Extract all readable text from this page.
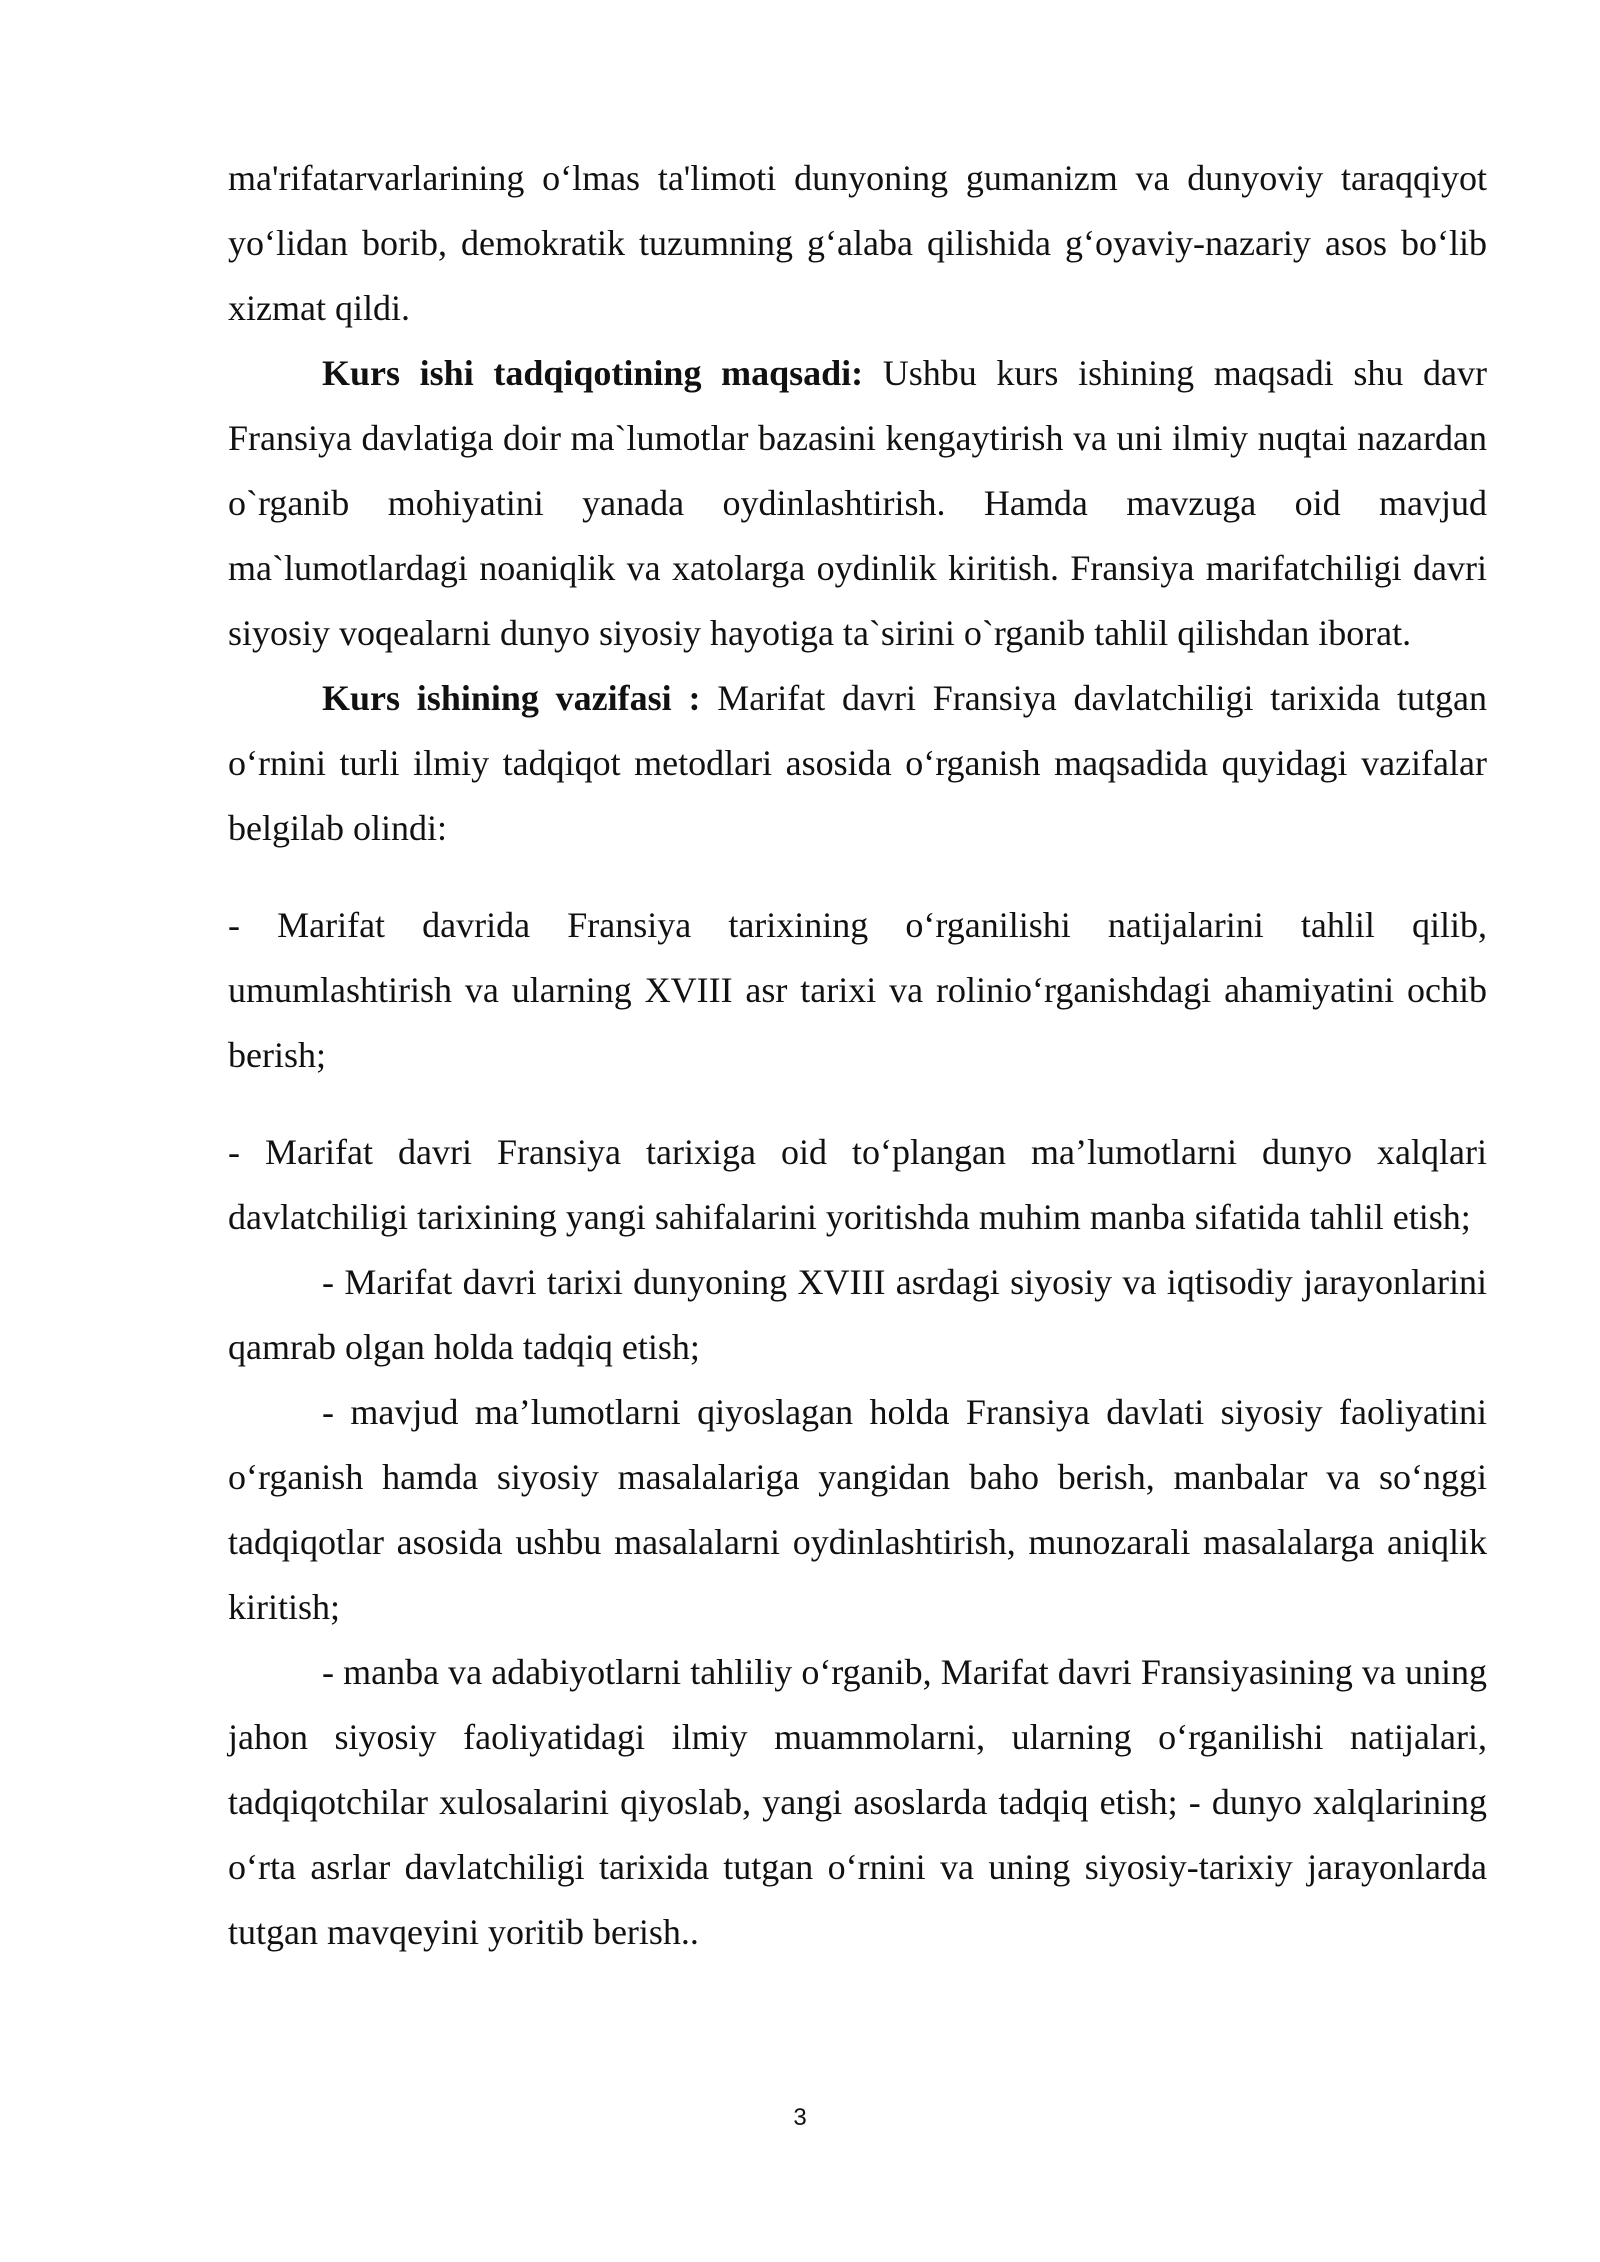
ma'rifatarvarlarining o‘lmas ta'limoti dunyoning gumanizm va dunyoviy taraqqiyot yo‘lidan borib, demokratik tuzumning g‘alaba qilishida g‘oyaviy-nazariy asos bo‘lib xizmat qildi.

Kurs ishi tadqiqotining maqsadi: Ushbu kurs ishining maqsadi shu davr Fransiya davlatiga doir ma`lumotlar bazasini kengaytirish va uni ilmiy nuqtai nazardan o`rganib mohiyatini yanada oydinlashtirish. Hamda mavzuga oid mavjud ma`lumotlardagi noaniqlik va xatolarga oydinlik kiritish. Fransiya marifatchiligi davri siyosiy voqealarni dunyo siyosiy hayotiga ta`sirini o`rganib tahlil qilishdan iborat.

Kurs ishining vazifasi : Marifat davri Fransiya davlatchiligi tarixida tutgan o‘rnini turli ilmiy tadqiqot metodlari asosida o‘rganish maqsadida quyidagi vazifalar belgilab olindi:

- Marifat davrida Fransiya tarixining o‘rganilishi natijalarini tahlil qilib, umumlashtirish va ularning XVIII asr tarixi va rolinio‘rganishdagi ahamiyatini ochib berish;

- Marifat davri Fransiya tarixiga oid to‘plangan ma’lumotlarni dunyo xalqlari davlatchiligi tarixining yangi sahifalarini yoritishda muhim manba sifatida tahlil etish;

- Marifat davri tarixi dunyoning XVIII asrdagi siyosiy va iqtisodiy jarayonlarini qamrab olgan holda tadqiq etish;

- mavjud ma’lumotlarni qiyoslagan holda Fransiya davlati siyosiy faoliyatini o‘rganish hamda siyosiy masalalariga yangidan baho berish, manbalar va so‘nggi tadqiqotlar asosida ushbu masalalarni oydinlashtirish, munozarali masalalarga aniqlik kiritish;

- manba va adabiyotlarni tahliliy o‘rganib, Marifat davri Fransiyasining va uning jahon siyosiy faoliyatidagi ilmiy muammolarni, ularning o‘rganilishi natijalari, tadqiqotchilar xulosalarini qiyoslab, yangi asoslarda tadqiq etish; - dunyo xalqlarining o‘rta asrlar davlatchiligi tarixida tutgan o‘rnini va uning siyosiy-tarixiy jarayonlarda tutgan mavqeyini yoritib berish..

3
